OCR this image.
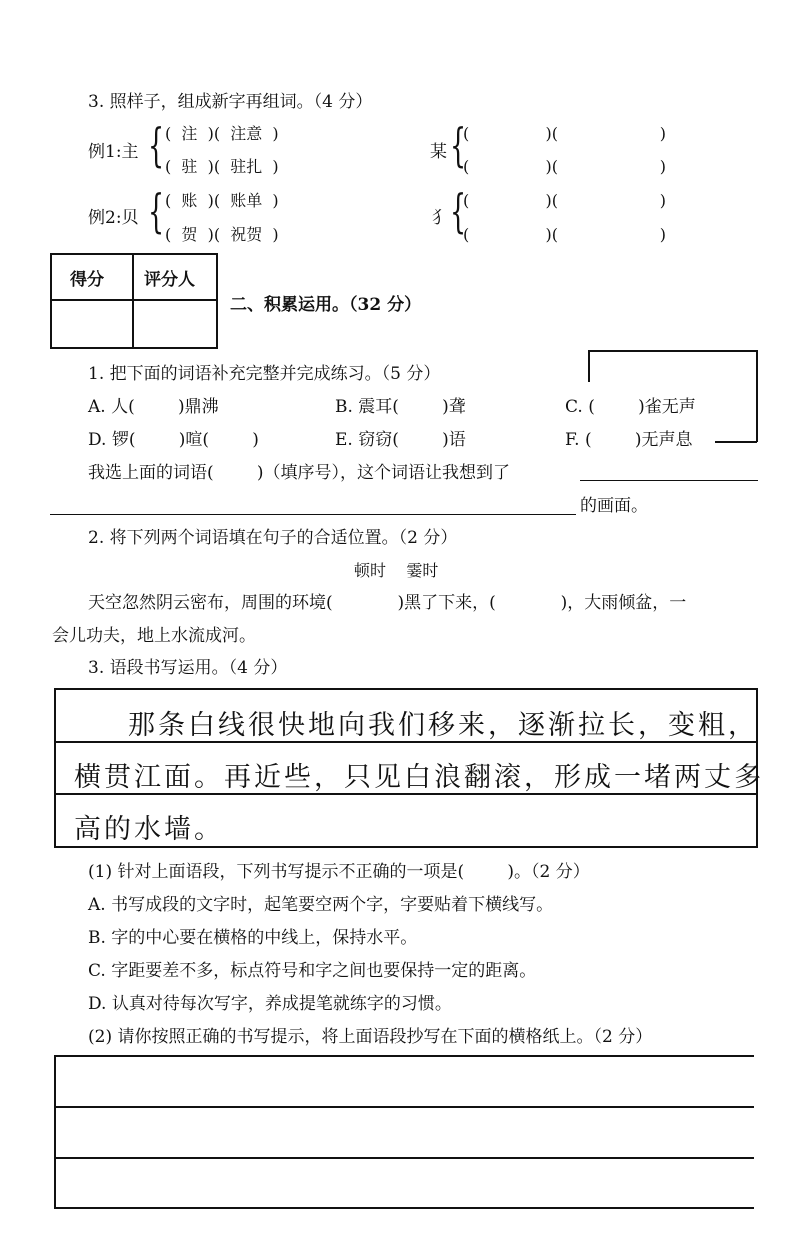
3. 照样子，组成新字再组词。（4 分）
例1:主 { (  注  )(  注意  )
(  驻  )(  驻扎  )
例2:贝 { (  账  )(  账单  )
(  贺  )(  祝贺  )
某 {
(               )(                    )
(               )(                    )
犭 {
(               )(                    )
(               )(                    )
得分 评分人
二、积累运用。（32 分）
1. 把下面的词语补充完整并完成练习。（5 分）
A. 人(        )鼎沸	B. 震耳(        )聋	C. (        )雀无声
D. 锣(        )喧(        )	E. 窃窃(        )语	F. (        )无声息
我选上面的词语(        )（填序号），这个词语让我想到了
的画面。
2. 将下列两个词语填在句子的合适位置。（2 分）
顿时    霎时
天空忽然阴云密布，周围的环境(            )黑了下来，(            )，大雨倾盆，一
会儿功夫，地上水流成河。
3. 语段书写运用。（4 分）
那条白线很快地向我们移来，逐渐拉长，变粗，
横贯江面。再近些，只见白浪翻滚，形成一堵两丈多
高的水墙。
(1) 针对上面语段，下列书写提示不正确的一项是(        )。（2 分）
A. 书写成段的文字时，起笔要空两个字，字要贴着下横线写。
B. 字的中心要在横格的中线上，保持水平。
C. 字距要差不多，标点符号和字之间也要保持一定的距离。
D. 认真对待每次写字，养成提笔就练字的习惯。
(2) 请你按照正确的书写提示，将上面语段抄写在下面的横格纸上。（2 分）
